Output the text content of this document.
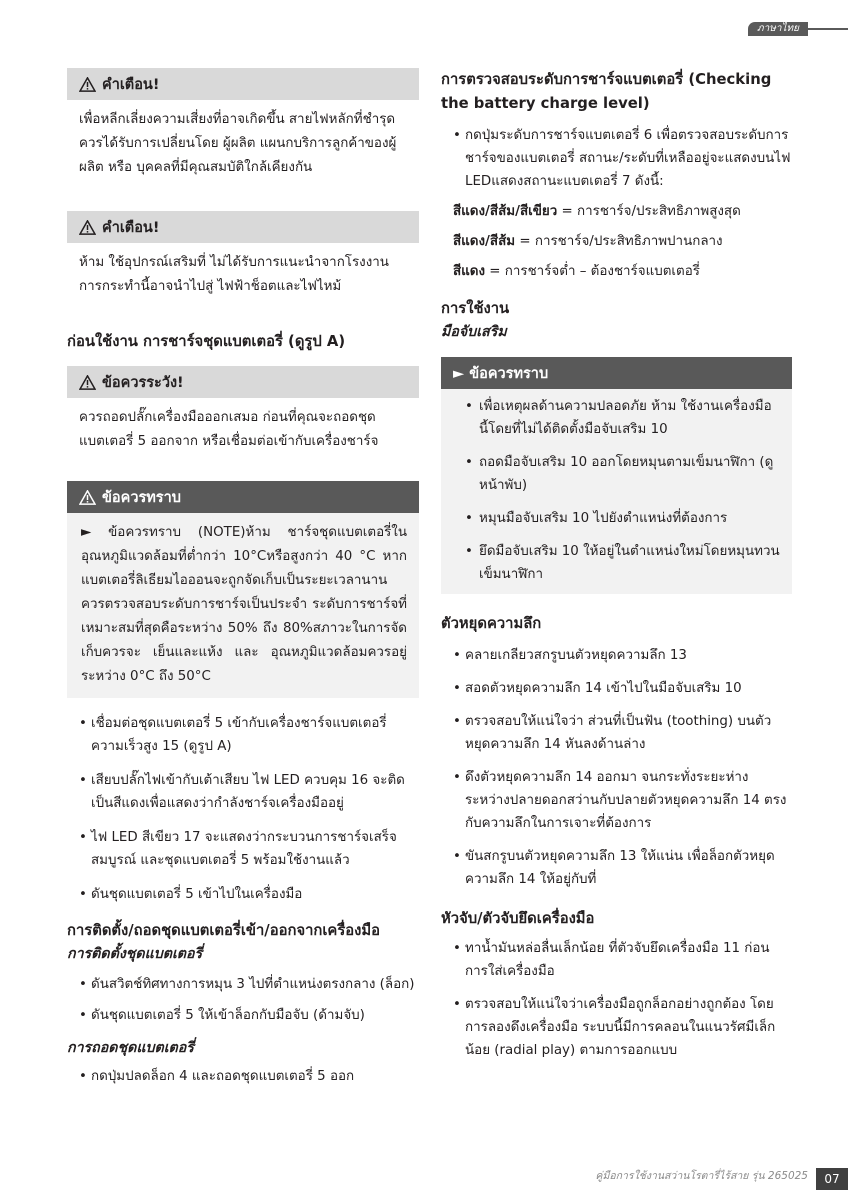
ภาษาไทย
คำเตือน!
เพื่อหลีกเลี่ยงความเสี่ยงที่อาจเกิดขึ้น สายไฟหลักที่ชำรุดควรได้รับการเปลี่ยนโดย ผู้ผลิต แผนกบริการลูกค้าของผู้ผลิต หรือ บุคคลที่มีคุณสมบัติใกล้เคียงกัน
คำเตือน!
ห้าม ใช้อุปกรณ์เสริมที่ ไม่ได้รับการแนะนำจากโรงงาน การกระทำนี้อาจนำไปสู่ ไฟฟ้าช็อตและไฟไหม้

ก่อนใช้งาน การชาร์จชุดแบตเตอรี่ (ดูรูป A)

ข้อควรระวัง!
ควรถอดปลั๊กเครื่องมือออกเสมอ ก่อนที่คุณจะถอดชุดแบตเตอรี่ 5 ออกจาก หรือเชื่อมต่อเข้ากับเครื่องชาร์จ
ข้อควรทราบ
► ข้อควรทราบ (NOTE)ห้าม ชาร์จชุดแบตเตอรี่ใน อุณหภูมิแวดล้อมที่ต่ำกว่า 10°Cหรือสูงกว่า 40 °C หากแบตเตอรี่ลิเธียมไอออนจะถูกจัดเก็บเป็นระยะเวลานาน ควรตรวจสอบระดับการชาร์จเป็นประจำ ระดับการชาร์จที่เหมาะสมที่สุดคือระหว่าง 50% ถึง 80%สภาวะในการจัดเก็บควรจะ เย็นและแห้ง และ อุณหภูมิแวดล้อมควรอยู่ระหว่าง 0°C ถึง 50°C
• เชื่อมต่อชุดแบตเตอรี่ 5 เข้ากับเครื่องชาร์จแบตเตอรี่ความเร็วสูง 15 (ดูรูป A)
• เสียบปลั๊กไฟเข้ากับเต้าเสียบ ไฟ LED ควบคุม 16 จะติดเป็นสีแดงเพื่อแสดงว่ากำลังชาร์จเครื่องมืออยู่
• ไฟ LED สีเขียว 17 จะแสดงว่ากระบวนการชาร์จเสร็จสมบูรณ์ และชุดแบตเตอรี่ 5 พร้อมใช้งานแล้ว
• ดันชุดแบตเตอรี่ 5 เข้าไปในเครื่องมือ

การติดตั้ง/ถอดชุดแบตเตอรี่เข้า/ออกจากเครื่องมือ

การติดตั้งชุดแบตเตอรี่

• ดันสวิตช์ทิศทางการหมุน 3 ไปที่ตำแหน่งตรงกลาง (ล็อก)
• ดันชุดแบตเตอรี่ 5 ให้เข้าล็อกกับมือจับ (ด้ามจับ)

การถอดชุดแบตเตอรี่

• กดปุ่มปลดล็อก 4 และถอดชุดแบตเตอรี่ 5 ออก

การตรวจสอบระดับการชาร์จแบตเตอรี่ (Checking the battery charge level)

• กดปุ่มระดับการชาร์จแบตเตอรี่ 6 เพื่อตรวจสอบระดับการชาร์จของแบตเตอรี่ สถานะ/ระดับที่เหลืออยู่จะแสดงบนไฟ LEDแสดงสถานะแบตเตอรี่ 7 ดังนี้:
สีแดง/สีส้ม/สีเขียว = การชาร์จ/ประสิทธิภาพสูงสุด
สีแดง/สีส้ม = การชาร์จ/ประสิทธิภาพปานกลาง
สีแดง = การชาร์จต่ำ – ต้องชาร์จแบตเตอรี่

การใช้งาน

มือจับเสริม

► ข้อควรทราบ
• เพื่อเหตุผลด้านความปลอดภัย ห้าม ใช้งานเครื่องมือนี้โดยที่ไม่ได้ติดตั้งมือจับเสริม 10
• ถอดมือจับเสริม 10 ออกโดยหมุนตามเข็มนาฬิกา (ดูหน้าพับ)
• หมุนมือจับเสริม 10 ไปยังตำแหน่งที่ต้องการ
• ยึดมือจับเสริม 10 ให้อยู่ในตำแหน่งใหม่โดยหมุนทวนเข็มนาฬิกา

ตัวหยุดความลึก

• คลายเกลียวสกรูบนตัวหยุดความลึก 13
• สอดตัวหยุดความลึก 14 เข้าไปในมือจับเสริม 10
• ตรวจสอบให้แน่ใจว่า ส่วนที่เป็นฟัน (toothing) บนตัวหยุดความลึก 14 หันลงด้านล่าง
• ดึงตัวหยุดความลึก 14 ออกมา จนกระทั่งระยะห่างระหว่างปลายดอกสว่านกับปลายตัวหยุดความลึก 14 ตรงกับความลึกในการเจาะที่ต้องการ
• ขันสกรูบนตัวหยุดความลึก 13 ให้แน่น เพื่อล็อกตัวหยุดความลึก 14 ให้อยู่กับที่

หัวจับ/ตัวจับยึดเครื่องมือ

• ทาน้ำมันหล่อลื่นเล็กน้อย ที่ตัวจับยึดเครื่องมือ 11 ก่อนการใส่เครื่องมือ
• ตรวจสอบให้แน่ใจว่าเครื่องมือถูกล็อกอย่างถูกต้อง โดยการลองดึงเครื่องมือ ระบบนี้มีการคลอนในแนวรัศมีเล็กน้อย (radial play) ตามการออกแบบ
คู่มือการใช้งานสว่านโรตารี่ไร้สาย รุ่น 265025	07
